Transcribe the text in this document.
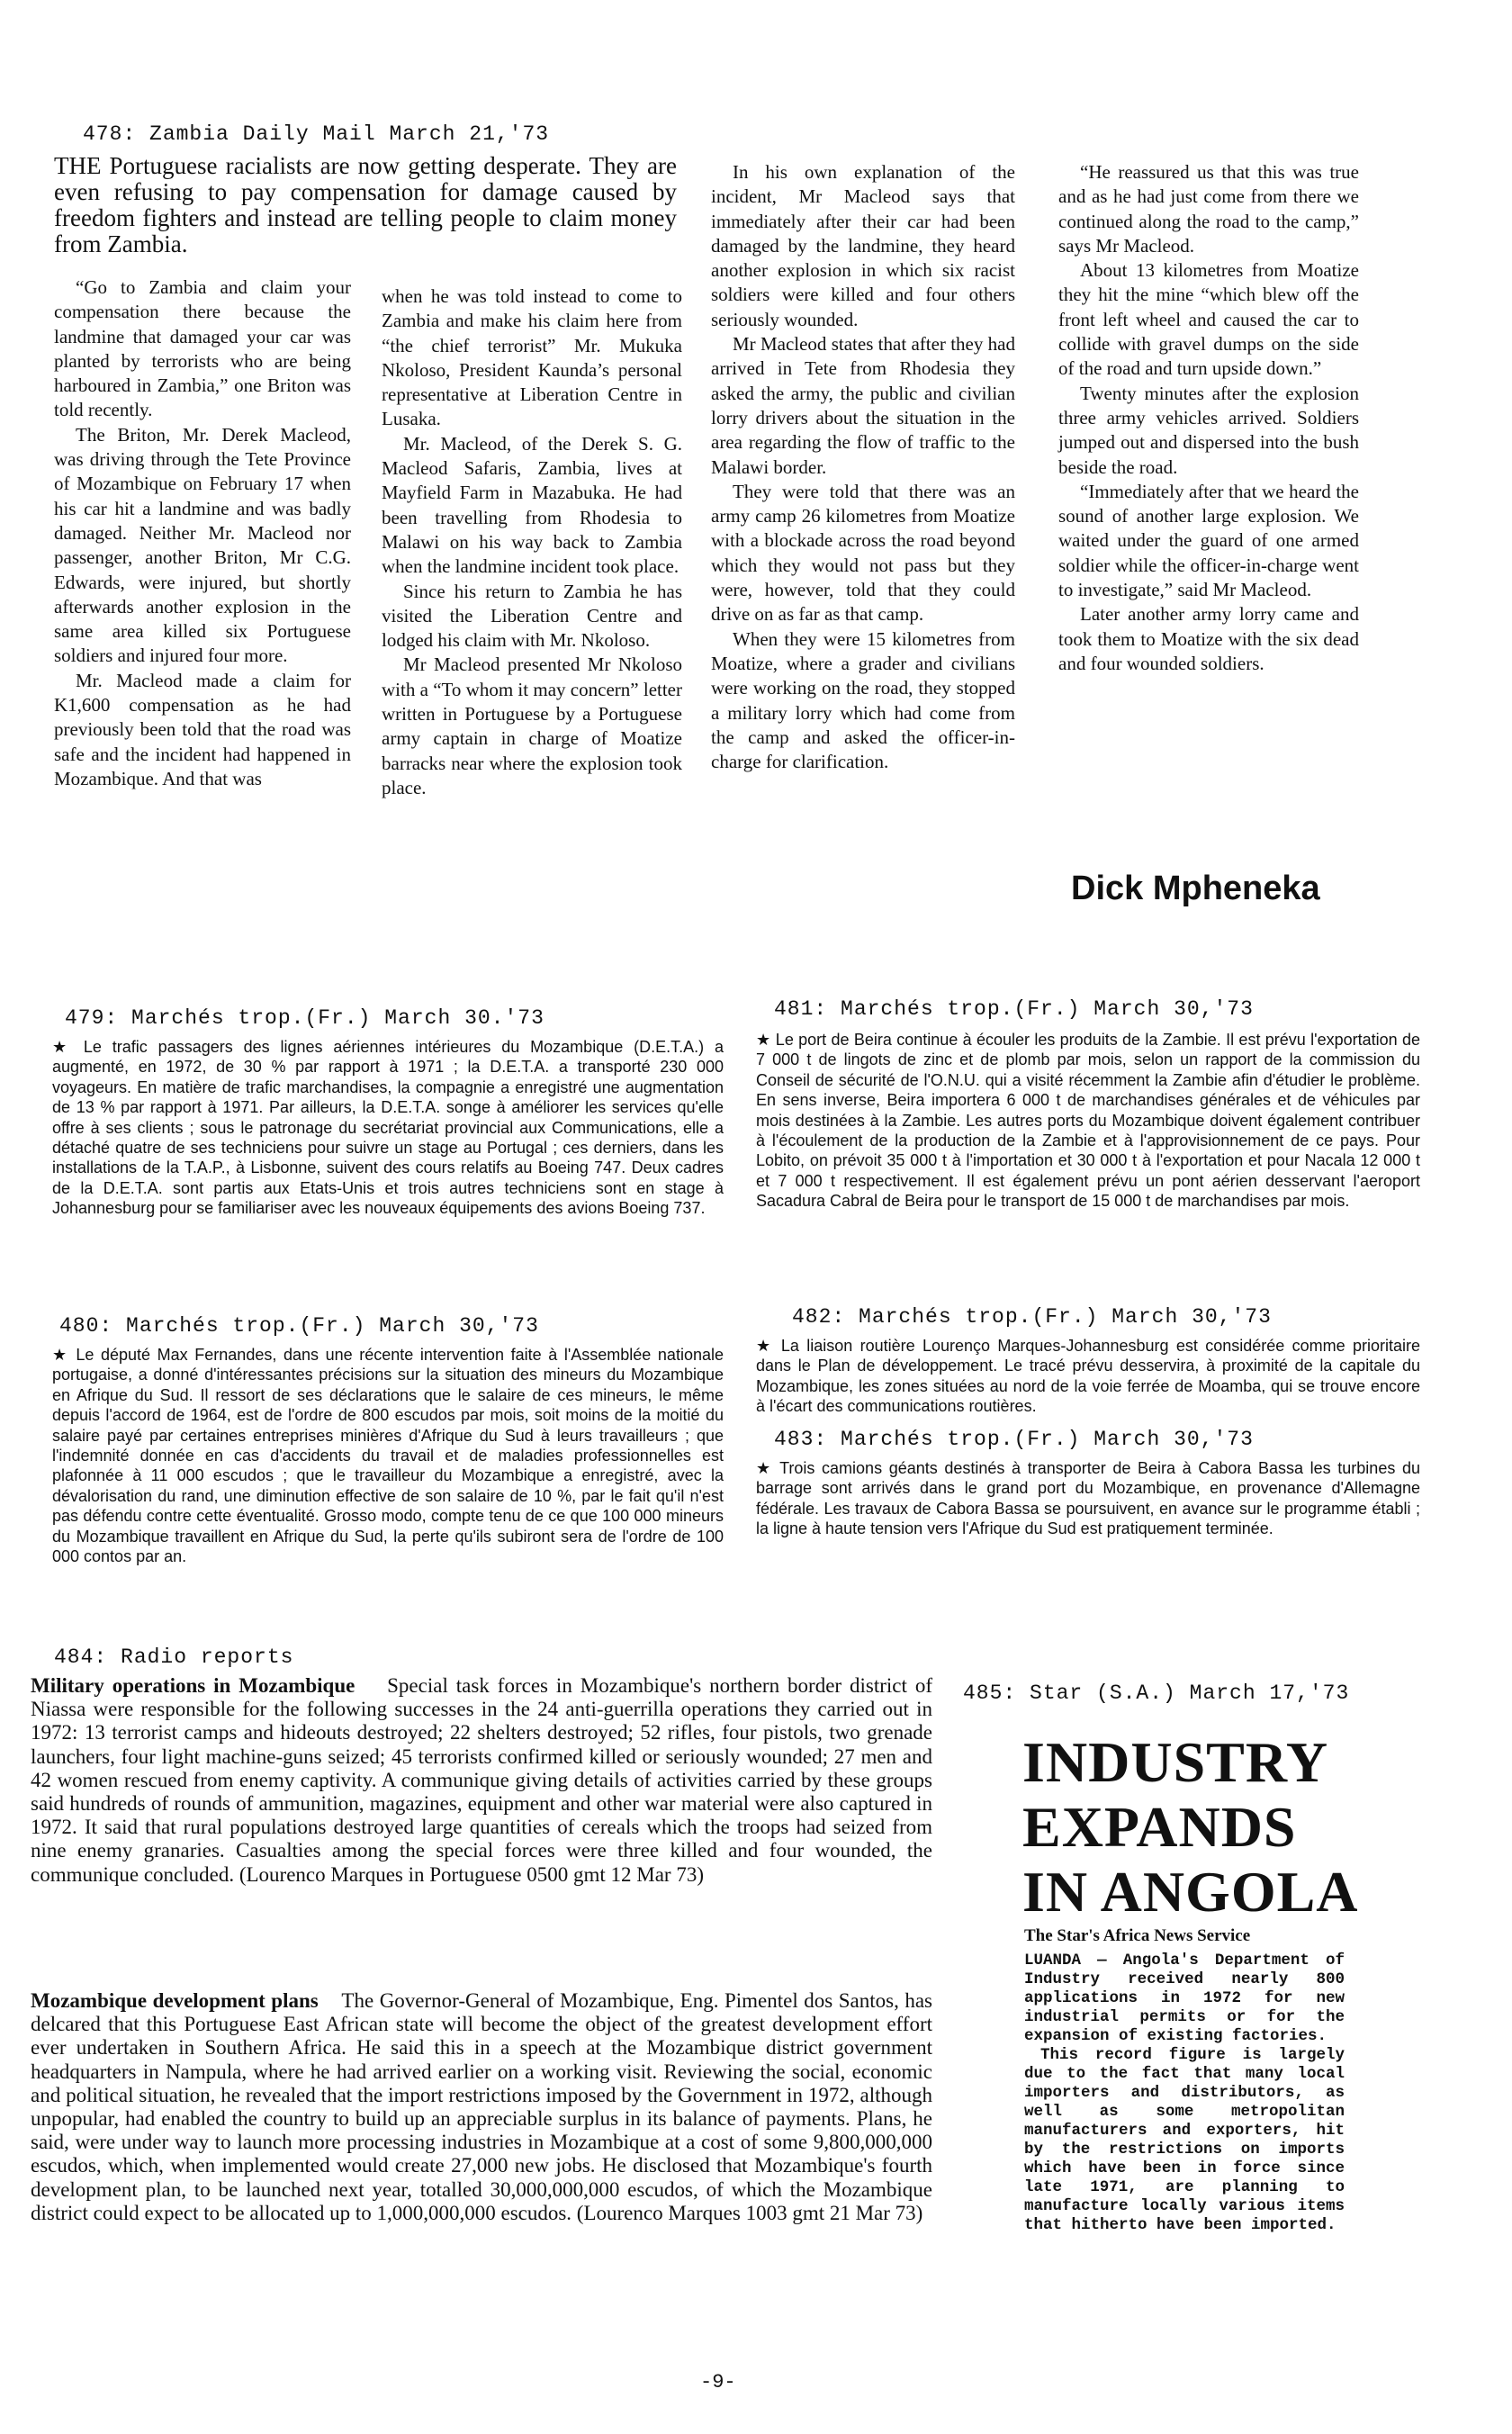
478: Zambia Daily Mail March 21,'73
THE Portuguese racialists are now getting desperate. They are even refusing to pay compensation for damage caused by freedom fighters and instead are telling people to claim money from Zambia.

“Go to Zambia and claim your compensation there because the landmine that damaged your car was planted by terrorists who are being harboured in Zambia,” one Briton was told recently.

The Briton, Mr. Derek Macleod, was driving through the Tete Province of Mozambique on February 17 when his car hit a landmine and was badly damaged. Neither Mr. Macleod nor passenger, another Briton, Mr C.G. Edwards, were injured, but shortly afterwards another explosion in the same area killed six Portuguese soldiers and injured four more.

Mr. Macleod made a claim for K1,600 compensation as he had previously been told that the road was safe and the incident had happened in Mozambique. And that was

when he was told instead to come to Zambia and make his claim here from “the chief terrorist” Mr. Mukuka Nkoloso, President Kaunda’s personal representative at Liberation Centre in Lusaka.

Mr. Macleod, of the Derek S. G. Macleod Safaris, Zambia, lives at Mayfield Farm in Mazabuka. He had been travelling from Rhodesia to Malawi on his way back to Zambia when the landmine incident took place.

Since his return to Zambia he has visited the Liberation Centre and lodged his claim with Mr. Nkoloso.

Mr Macleod presented Mr Nkoloso with a “To whom it may concern” letter written in Portuguese by a Portuguese army captain in charge of Moatize barracks near where the explosion took place.

In his own explanation of the incident, Mr Macleod says that immediately after their car had been damaged by the landmine, they heard another explosion in which six racist soldiers were killed and four others seriously wounded.

Mr Macleod states that after they had arrived in Tete from Rhodesia they asked the army, the public and civilian lorry drivers about the situation in the area regarding the flow of traffic to the Malawi border.

They were told that there was an army camp 26 kilometres from Moatize with a blockade across the road beyond which they would not pass but they were, however, told that they could drive on as far as that camp.

When they were 15 kilometres from Moatize, where a grader and civilians were working on the road, they stopped a military lorry which had come from the camp and asked the officer-in-charge for clarification.

“He reassured us that this was true and as he had just come from there we continued along the road to the camp,” says Mr Macleod.

About 13 kilometres from Moatize they hit the mine “which blew off the front left wheel and caused the car to collide with gravel dumps on the side of the road and turn upside down.”

Twenty minutes after the explosion three army vehicles arrived. Soldiers jumped out and dispersed into the bush beside the road.

“Immediately after that we heard the sound of another large explosion. We waited under the guard of one armed soldier while the officer-in-charge went to investigate,” said Mr Macleod.

Later another army lorry came and took them to Moatize with the six dead and four wounded soldiers.

Dick Mpheneka
479: Marchés trop.(Fr.) March 30.'73
★ Le trafic passagers des lignes aériennes intérieures du Mozambique (D.E.T.A.) a augmenté, en 1972, de 30 % par rapport à 1971 ; la D.E.T.A. a transporté 230 000 voyageurs. En matière de trafic marchandises, la compagnie a enregistré une augmentation de 13 % par rapport à 1971. Par ailleurs, la D.E.T.A. songe à améliorer les services qu'elle offre à ses clients ; sous le patronage du secrétariat provincial aux Communications, elle a détaché quatre de ses techniciens pour suivre un stage au Portugal ; ces derniers, dans les installations de la T.A.P., à Lisbonne, suivent des cours relatifs au Boeing 747. Deux cadres de la D.E.T.A. sont partis aux Etats-Unis et trois autres techniciens sont en stage à Johannesburg pour se familiariser avec les nouveaux équipements des avions Boeing 737.
480: Marchés trop.(Fr.) March 30,'73
★ Le député Max Fernandes, dans une récente intervention faite à l'Assemblée nationale portugaise, a donné d'intéressantes précisions sur la situation des mineurs du Mozambique en Afrique du Sud. Il ressort de ses déclarations que le salaire de ces mineurs, le même depuis l'accord de 1964, est de l'ordre de 800 escudos par mois, soit moins de la moitié du salaire payé par certaines entreprises minières d'Afrique du Sud à leurs travailleurs ; que l'indemnité donnée en cas d'accidents du travail et de maladies professionnelles est plafonnée à 11 000 escudos ; que le travailleur du Mozambique a enregistré, avec la dévalorisation du rand, une diminution effective de son salaire de 10 %, par le fait qu'il n'est pas défendu contre cette éventualité. Grosso modo, compte tenu de ce que 100 000 mineurs du Mozambique travaillent en Afrique du Sud, la perte qu'ils subiront sera de l'ordre de 100 000 contos par an.
481: Marchés trop.(Fr.) March 30,'73
★ Le port de Beira continue à écouler les produits de la Zambie. Il est prévu l'exportation de 7 000 t de lingots de zinc et de plomb par mois, selon un rapport de la commission du Conseil de sécurité de l'O.N.U. qui a visité récemment la Zambie afin d'étudier le problème. En sens inverse, Beira importera 6 000 t de marchandises générales et de véhicules par mois destinées à la Zambie. Les autres ports du Mozambique doivent également contribuer à l'écoulement de la production de la Zambie et à l'approvisionnement de ce pays. Pour Lobito, on prévoit 35 000 t à l'importation et 30 000 t à l'exportation et pour Nacala 12 000 t et 7 000 t respectivement. Il est également prévu un pont aérien desservant l'aeroport Sacadura Cabral de Beira pour le transport de 15 000 t de marchandises par mois.
482: Marchés trop.(Fr.) March 30,'73
★ La liaison routière Lourenço Marques-Johannesburg est considérée comme prioritaire dans le Plan de développement. Le tracé prévu desservira, à proximité de la capitale du Mozambique, les zones situées au nord de la voie ferrée de Moamba, qui se trouve encore à l'écart des communications routières.
483: Marchés trop.(Fr.) March 30,'73
★ Trois camions géants destinés à transporter de Beira à Cabora Bassa les turbines du barrage sont arrivés dans le grand port du Mozambique, en provenance d'Allemagne fédérale. Les travaux de Cabora Bassa se poursuivent, en avance sur le programme établi ; la ligne à haute tension vers l'Afrique du Sud est pratiquement terminée.
484: Radio reports
Military operations in Mozambique Special task forces in Mozambique's northern border district of Niassa were responsible for the following successes in the 24 anti-guerrilla operations they carried out in 1972: 13 terrorist camps and hideouts destroyed; 22 shelters destroyed; 52 rifles, four pistols, two grenade launchers, four light machine-guns seized; 45 terrorists confirmed killed or seriously wounded; 27 men and 42 women rescued from enemy captivity. A communique giving details of activities carried by these groups said hundreds of rounds of ammunition, magazines, equipment and other war material were also captured in 1972. It said that rural populations destroyed large quantities of cereals which the troops had seized from nine enemy granaries. Casualties among the special forces were three killed and four wounded, the communique concluded. (Lourenco Marques in Portuguese 0500 gmt 12 Mar 73)
Mozambique development plans The Governor-General of Mozambique, Eng. Pimentel dos Santos, has delcared that this Portuguese East African state will become the object of the greatest development effort ever undertaken in Southern Africa. He said this in a speech at the Mozambique district government headquarters in Nampula, where he had arrived earlier on a working visit. Reviewing the social, economic and political situation, he revealed that the import restrictions imposed by the Government in 1972, although unpopular, had enabled the country to build up an appreciable surplus in its balance of payments. Plans, he said, were under way to launch more processing industries in Mozambique at a cost of some 9,800,000,000 escudos, which, when implemented would create 27,000 new jobs. He disclosed that Mozambique's fourth development plan, to be launched next year, totalled 30,000,000,000 escudos, of which the Mozambique district could expect to be allocated up to 1,000,000,000 escudos. (Lourenco Marques 1003 gmt 21 Mar 73)
485: Star (S.A.) March 17,'73
INDUSTRY
EXPANDS
IN ANGOLA
The Star's Africa News Service

LUANDA — Angola's Department of Industry received nearly 800 applications in 1972 for new industrial permits or for the expansion of existing factories.

This record figure is largely due to the fact that many local importers and distributors, as well as some metropolitan manufacturers and exporters, hit by the restrictions on imports which have been in force since late 1971, are planning to manufacture locally various items that hitherto have been imported.

-9-
